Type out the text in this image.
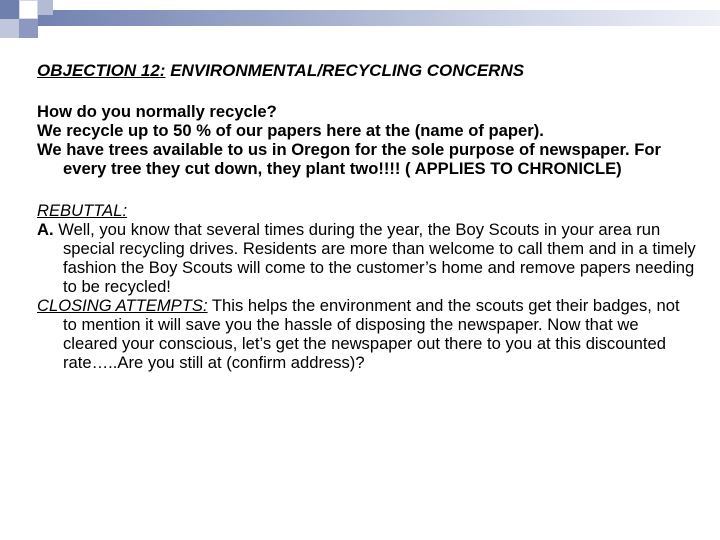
OBJECTION 12: ENVIRONMENTAL/RECYCLING CONCERNS

How do you normally recycle?

We recycle up to 50 % of our papers here at the (name of paper).

We have trees available to us in Oregon for the sole purpose of newspaper. For every tree they cut down, they plant two!!!! ( APPLIES TO CHRONICLE)

REBUTTAL:

A. Well, you know that several times during the year, the Boy Scouts in your area run special recycling drives. Residents are more than welcome to call them and in a timely fashion the Boy Scouts will come to the customer’s home and remove papers needing to be recycled!

CLOSING ATTEMPTS: This helps the environment and the scouts get their badges, not to mention it will save you the hassle of disposing the newspaper. Now that we cleared your conscious, let’s get the newspaper out there to you at this discounted rate…..Are you still at (confirm address)?
